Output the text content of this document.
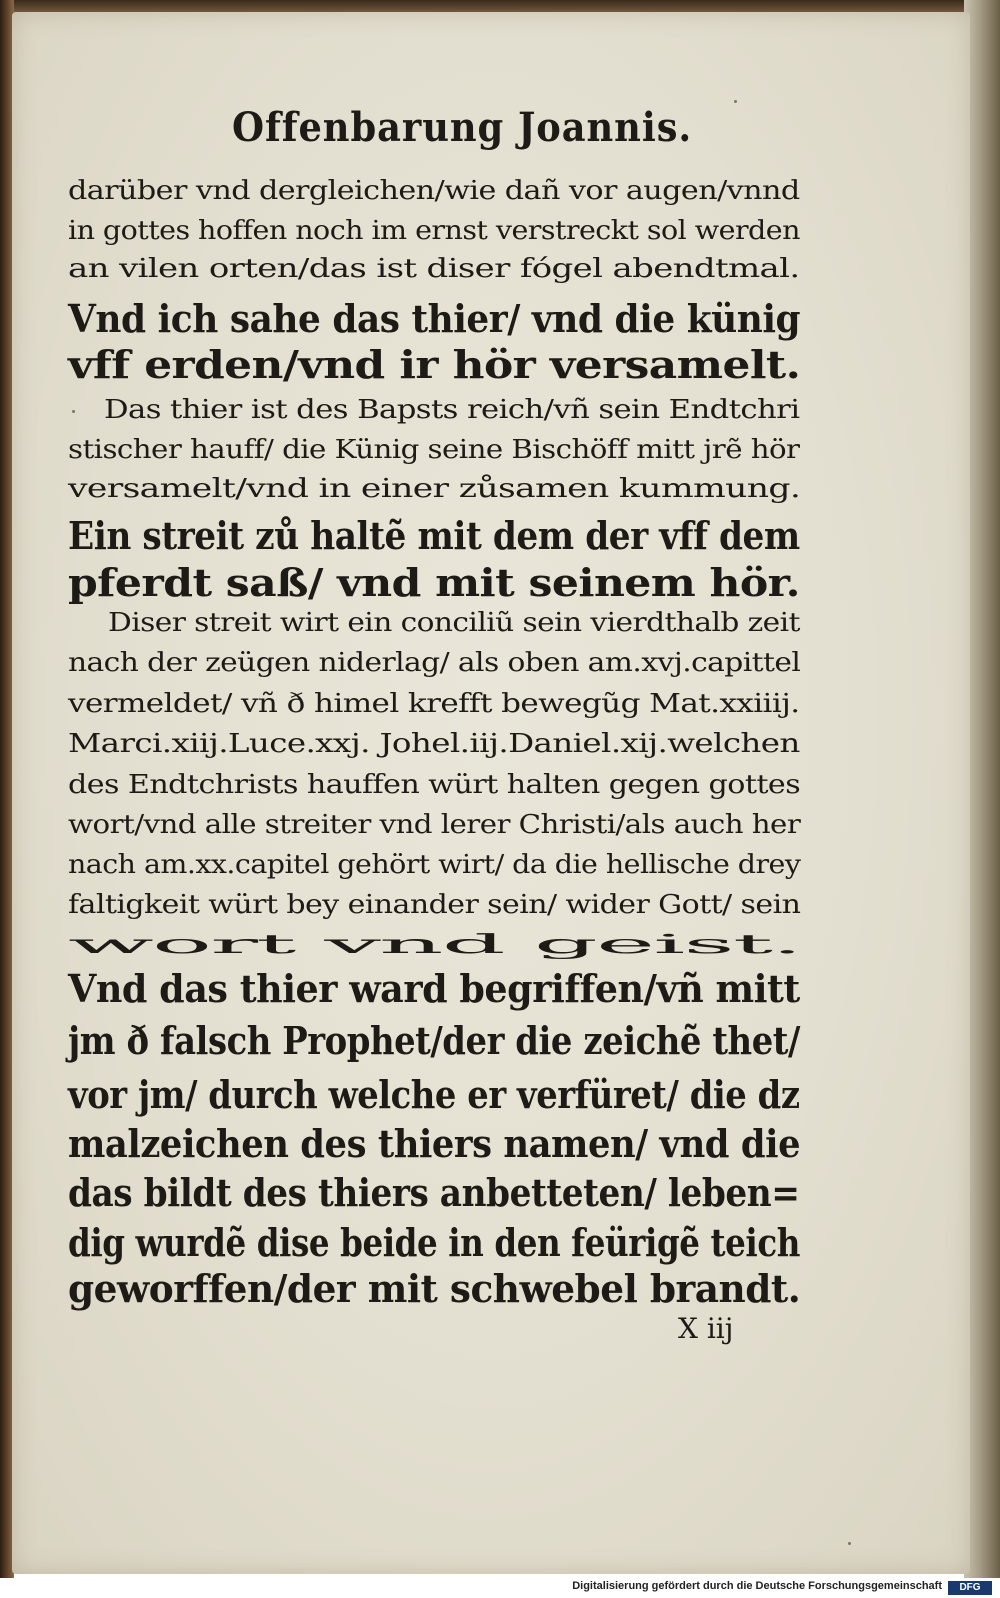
Offenbarung Joannis.
darüber vnd dergleichen/wie dañ vor augen/vnnd
in gottes hoffen noch im ernst verstreckt sol werden
an vilen orten/das ist diser fógel abendtmal.
Vnd ich sahe das thier/ vnd die künig
vff erden/vnd ir hör versamelt.
Das thier ist des Bapsts reich/vñ sein Endtchri
stischer hauff/ die Künig seine Bischöff mitt jrẽ hör
versamelt/vnd in einer zůsamen kummung.
Ein streit zů haltẽ mit dem der vff dem
pferdt saß/ vnd mit seinem hör.
Diser streit wirt ein conciliũ sein vierdthalb zeit
nach der zeügen niderlag/ als oben am.xvj.capittel
vermeldet/ vñ ð himel krefft bewegũg Mat.xxiiij.
Marci.xiij.Luce.xxj. Johel.iij.Daniel.xij.welchen
des Endtchrists hauffen würt halten gegen gottes
wort/vnd alle streiter vnd lerer Christi/als auch her
nach am.xx.capitel gehört wirt/ da die hellische drey
faltigkeit würt bey einander sein/ wider Gott/ sein
wort vnd geist.
Vnd das thier ward begriffen/vñ mitt
jm ð falsch Prophet/der die zeichẽ thet/
vor jm/ durch welche er verfüret/ die dz
malzeichen des thiers namen/ vnd die
das bildt des thiers anbetteten/ leben=
dig wurdẽ dise beide in den feürigẽ teich
geworffen/der mit schwebel brandt.
X iij
Digitalisierung gefördert durch die Deutsche Forschungsgemeinschaft	DFG
